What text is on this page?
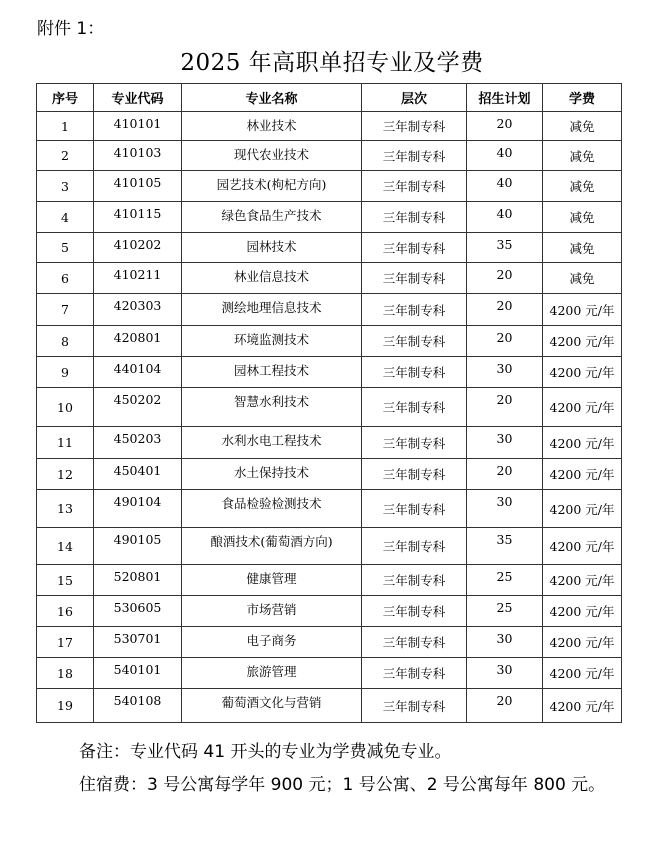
附件 1：
2025 年高职单招专业及学费
序号	专业代码	专业名称	层次	招生计划	学费
1	410101	林业技术	三年制专科	20	减免
2	410103	现代农业技术	三年制专科	40	减免
3	410105	园艺技术(枸杞方向)	三年制专科	40	减免
4	410115	绿色食品生产技术	三年制专科	40	减免
5	410202	园林技术	三年制专科	35	减免
6	410211	林业信息技术	三年制专科	20	减免
7	420303	测绘地理信息技术	三年制专科	20	4200 元/年
8	420801	环境监测技术	三年制专科	20	4200 元/年
9	440104	园林工程技术	三年制专科	30	4200 元/年
10	450202	智慧水利技术	三年制专科	20	4200 元/年
11	450203	水利水电工程技术	三年制专科	30	4200 元/年
12	450401	水土保持技术	三年制专科	20	4200 元/年
13	490104	食品检验检测技术	三年制专科	30	4200 元/年
14	490105	酿酒技术(葡萄酒方向)	三年制专科	35	4200 元/年
15	520801	健康管理	三年制专科	25	4200 元/年
16	530605	市场营销	三年制专科	25	4200 元/年
17	530701	电子商务	三年制专科	30	4200 元/年
18	540101	旅游管理	三年制专科	30	4200 元/年
19	540108	葡萄酒文化与营销	三年制专科	20	4200 元/年

备注：专业代码 41 开头的专业为学费减免专业。

住宿费：3 号公寓每学年 900 元；1 号公寓、2 号公寓每年 800 元。
